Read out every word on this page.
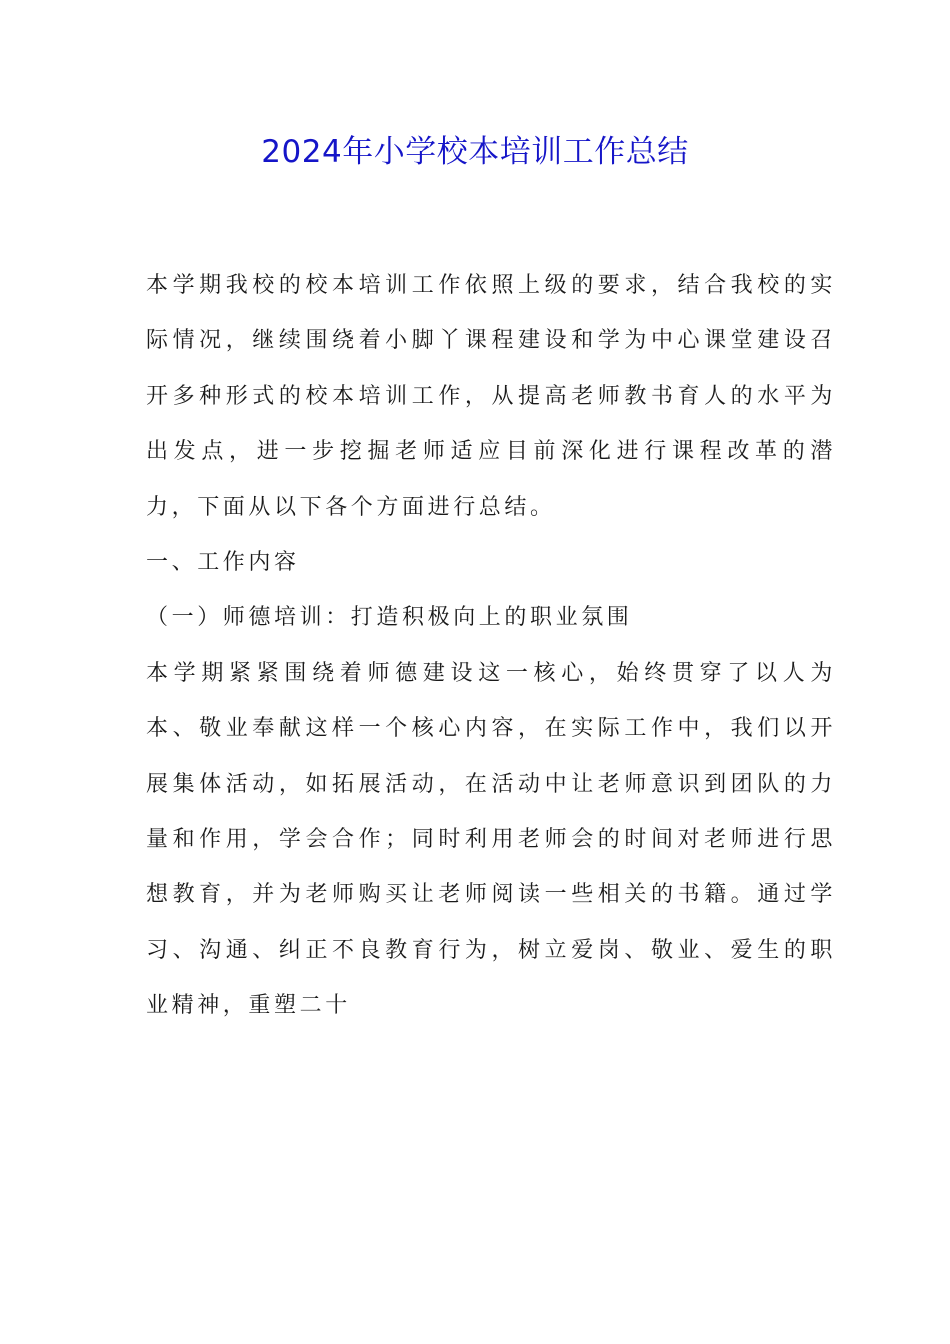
2024年小学校本培训工作总结

本学期我校的校本培训工作依照上级的要求，结合我校的实际情况，继续围绕着小脚丫课程建设和学为中心课堂建设召开多种形式的校本培训工作，从提高老师教书育人的水平为出发点，进一步挖掘老师适应目前深化进行课程改革的潜力，下面从以下各个方面进行总结。

一、工作内容

（一）师德培训：打造积极向上的职业氛围

本学期紧紧围绕着师德建设这一核心，始终贯穿了以人为本、敬业奉献这样一个核心内容，在实际工作中，我们以开展集体活动，如拓展活动，在活动中让老师意识到团队的力量和作用，学会合作；同时利用老师会的时间对老师进行思想教育，并为老师购买让老师阅读一些相关的书籍。通过学习、沟通、纠正不良教育行为，树立爱岗、敬业、爱生的职业精神，重塑二十
